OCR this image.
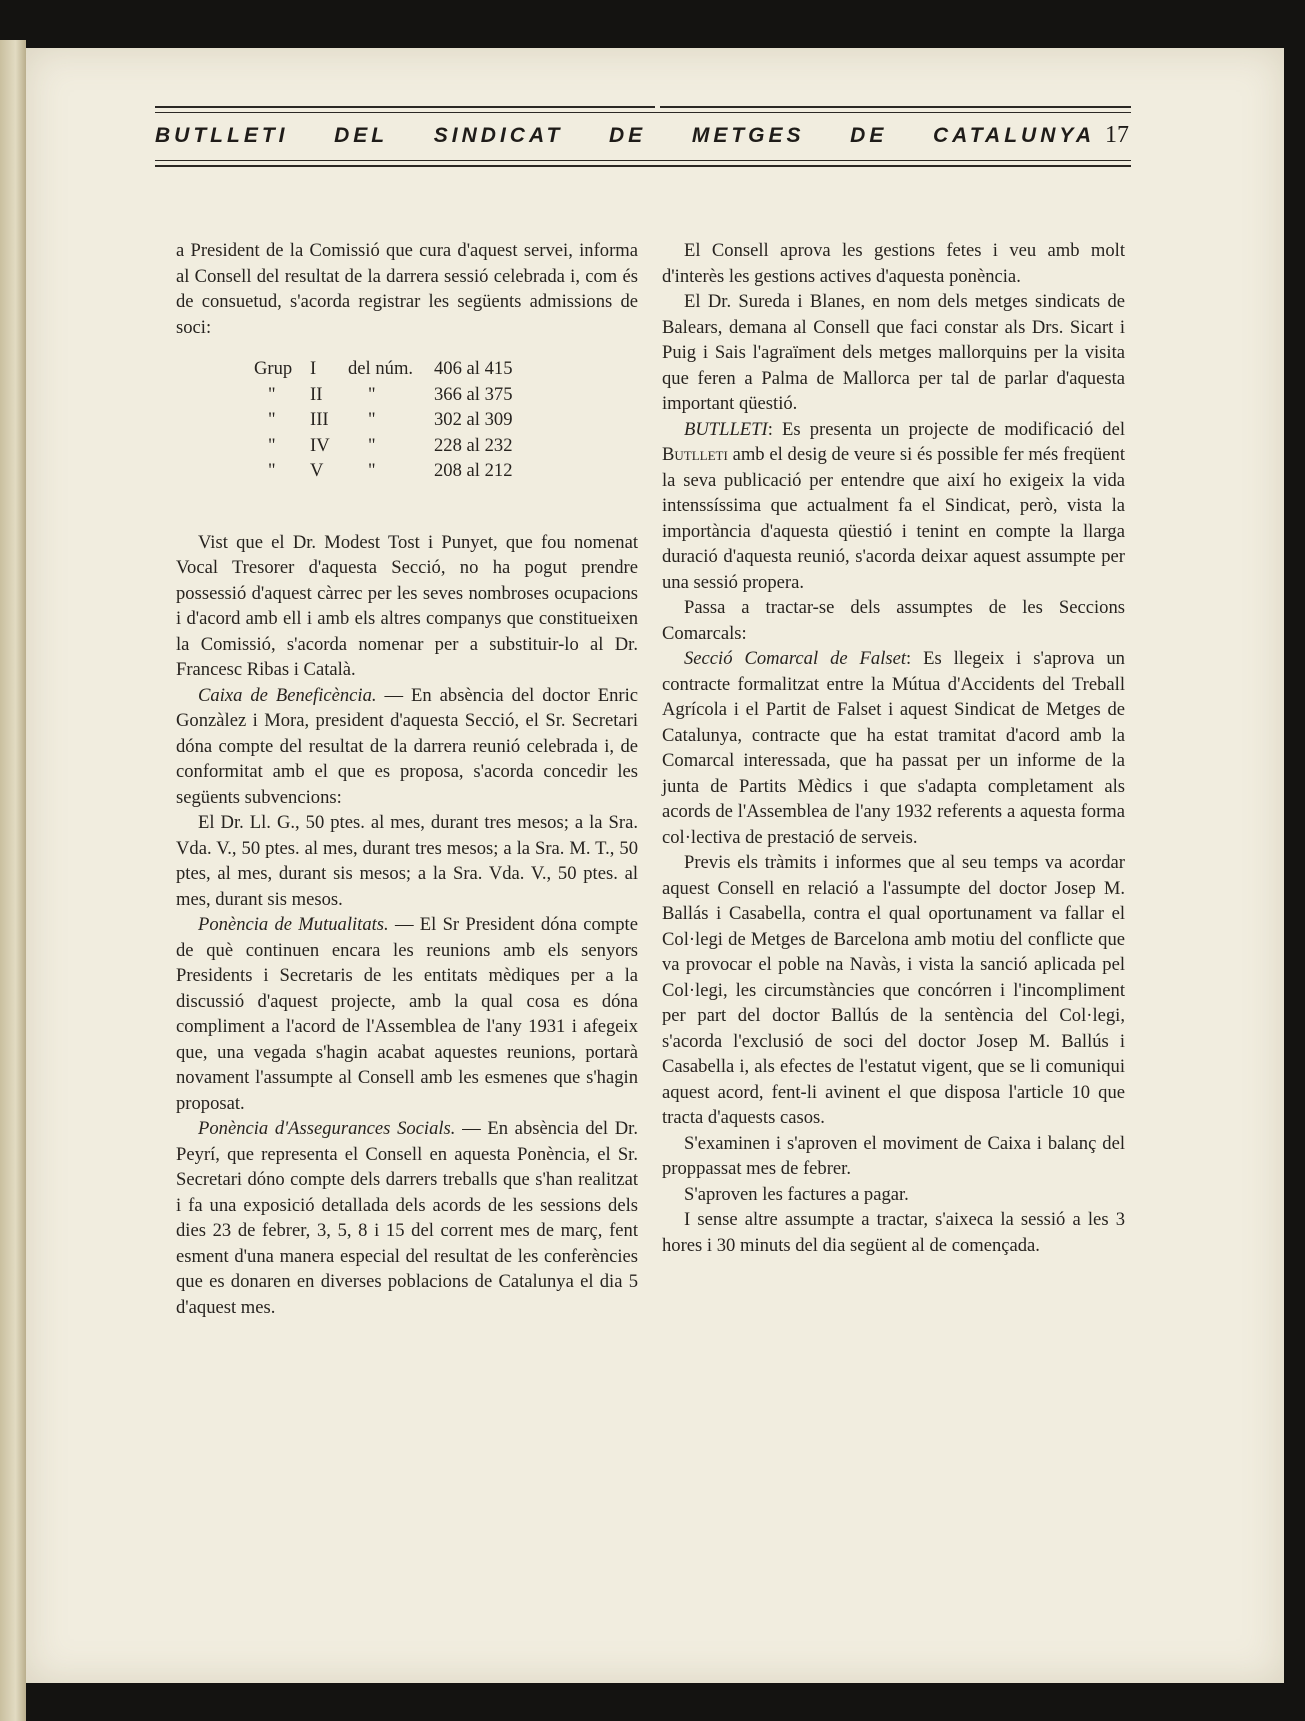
BUTLLETI DEL SINDICAT DE METGES DE CATALUNYA 17

a President de la Comissió que cura d'aquest servei, informa al Consell del resultat de la darrera sessió celebrada i, com és de consuetud, s'acorda registrar les següents admissions de soci:

Grup I	del núm.	406 al 415
"	II	"	366 al 375
"	III	"	302 al 309
"	IV	"	228 al 232
"	V	"	208 al 212

Vist que el Dr. Modest Tost i Punyet, que fou nomenat Vocal Tresorer d'aquesta Secció, no ha pogut prendre possessió d'aquest càrrec per les seves nombroses ocupacions i d'acord amb ell i amb els altres companys que constitueixen la Comissió, s'acorda nomenar per a substituir-lo al Dr. Francesc Ribas i Català.

Caixa de Beneficència. — En absència del doctor Enric Gonzàlez i Mora, president d'aquesta Secció, el Sr. Secretari dóna compte del resultat de la darrera reunió celebrada i, de conformitat amb el que es proposa, s'acorda concedir les següents subvencions:

El Dr. Ll. G., 50 ptes. al mes, durant tres mesos; a la Sra. Vda. V., 50 ptes. al mes, durant tres mesos; a la Sra. M. T., 50 ptes, al mes, durant sis mesos; a la Sra. Vda. V., 50 ptes. al mes, durant sis mesos.

Ponència de Mutualitats. — El Sr President dóna compte de què continuen encara les reunions amb els senyors Presidents i Secretaris de les entitats mèdiques per a la discussió d'aquest projecte, amb la qual cosa es dóna compliment a l'acord de l'Assemblea de l'any 1931 i afegeix que, una vegada s'hagin acabat aquestes reunions, portarà novament l'assumpte al Consell amb les esmenes que s'hagin proposat.

Ponència d'Assegurances Socials. — En absència del Dr. Peyrí, que representa el Consell en aquesta Ponència, el Sr. Secretari dóno compte dels darrers treballs que s'han realitzat i fa una exposició detallada dels acords de les sessions dels dies 23 de febrer, 3, 5, 8 i 15 del corrent mes de març, fent esment d'una manera especial del resultat de les conferències que es donaren en diverses poblacions de Catalunya el dia 5 d'aquest mes.

El Consell aprova les gestions fetes i veu amb molt d'interès les gestions actives d'aquesta ponència.

El Dr. Sureda i Blanes, en nom dels metges sindicats de Balears, demana al Consell que faci constar als Drs. Sicart i Puig i Sais l'agraïment dels metges mallorquins per la visita que feren a Palma de Mallorca per tal de parlar d'aquesta important qüestió.

BUTLLETI: Es presenta un projecte de modificació del Butlleti amb el desig de veure si és possible fer més freqüent la seva publicació per entendre que així ho exigeix la vida intenssíssima que actualment fa el Sindicat, però, vista la importància d'aquesta qüestió i tenint en compte la llarga duració d'aquesta reunió, s'acorda deixar aquest assumpte per una sessió propera.

Passa a tractar-se dels assumptes de les Seccions Comarcals:

Secció Comarcal de Falset: Es llegeix i s'aprova un contracte formalitzat entre la Mútua d'Accidents del Treball Agrícola i el Partit de Falset i aquest Sindicat de Metges de Catalunya, contracte que ha estat tramitat d'acord amb la Comarcal interessada, que ha passat per un informe de la junta de Partits Mèdics i que s'adapta completament als acords de l'Assemblea de l'any 1932 referents a aquesta forma col·lectiva de prestació de serveis.

Previs els tràmits i informes que al seu temps va acordar aquest Consell en relació a l'assumpte del doctor Josep M. Ballás i Casabella, contra el qual oportunament va fallar el Col·legi de Metges de Barcelona amb motiu del conflicte que va provocar el poble na Navàs, i vista la sanció aplicada pel Col·legi, les circumstàncies que concórren i l'incompliment per part del doctor Ballús de la sentència del Col·legi, s'acorda l'exclusió de soci del doctor Josep M. Ballús i Casabella i, als efectes de l'estatut vigent, que se li comuniqui aquest acord, fent-li avinent el que disposa l'article 10 que tracta d'aquests casos.

S'examinen i s'aproven el moviment de Caixa i balanç del proppassat mes de febrer.

S'aproven les factures a pagar.

I sense altre assumpte a tractar, s'aixeca la sessió a les 3 hores i 30 minuts del dia següent al de començada.
